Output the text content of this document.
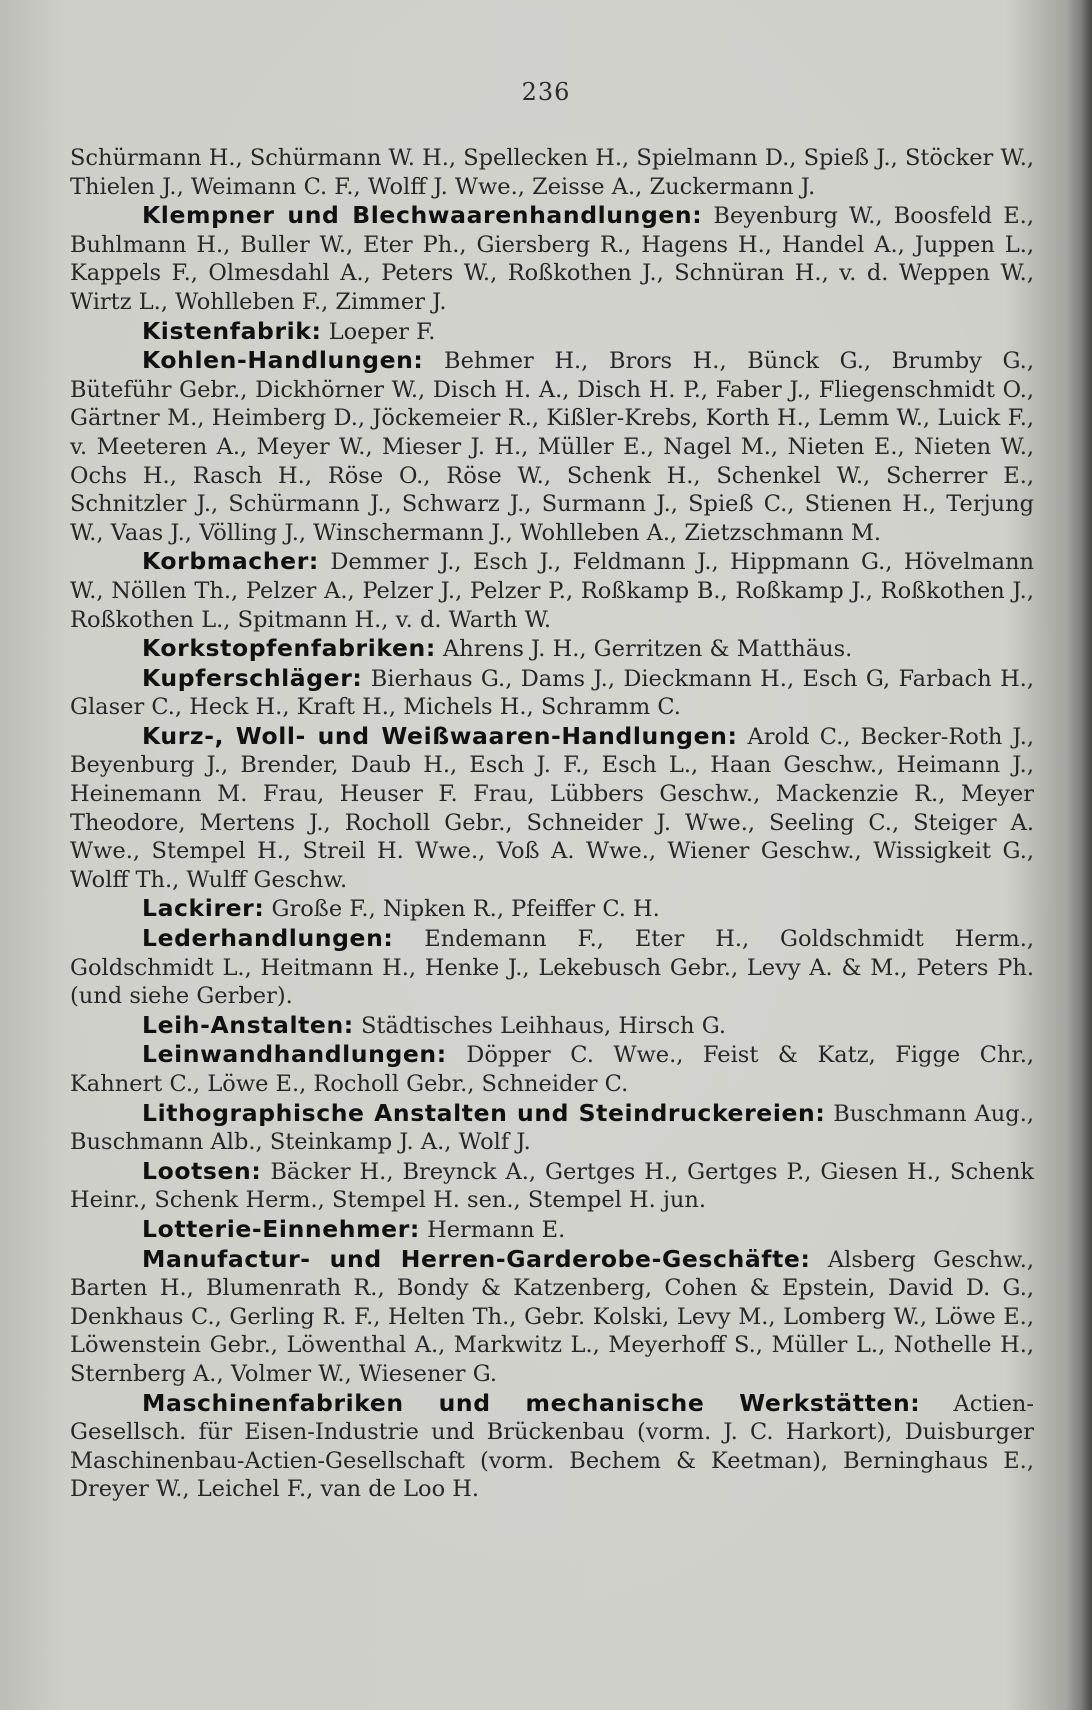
236

Schürmann H., Schürmann W. H., Spellecken H., Spielmann D., Spieß J., Stöcker W., Thielen J., Weimann C. F., Wolff J. Wwe., Zeisse A., Zuckermann J.

Klempner und Blechwaarenhandlungen: Beyenburg W., Boosfeld E., Buhlmann H., Buller W., Eter Ph., Giersberg R., Hagens H., Handel A., Juppen L., Kappels F., Olmesdahl A., Peters W., Roßkothen J., Schnüran H., v. d. Weppen W., Wirtz L., Wohlleben F., Zimmer J.

Kistenfabrik: Loeper F.

Kohlen-Handlungen: Behmer H., Brors H., Bünck G., Brumby G., Büteführ Gebr., Dickhörner W., Disch H. A., Disch H. P., Faber J., Fliegenschmidt O., Gärtner M., Heimberg D., Jöckemeier R., Kißler-Krebs, Korth H., Lemm W., Luick F., v. Meeteren A., Meyer W., Mieser J. H., Müller E., Nagel M., Nieten E., Nieten W., Ochs H., Rasch H., Röse O., Röse W., Schenk H., Schenkel W., Scherrer E., Schnitzler J., Schürmann J., Schwarz J., Surmann J., Spieß C., Stienen H., Terjung W., Vaas J., Völling J., Winschermann J., Wohlleben A., Zietzschmann M.

Korbmacher: Demmer J., Esch J., Feldmann J., Hippmann G., Hövelmann W., Nöllen Th., Pelzer A., Pelzer J., Pelzer P., Roßkamp B., Roßkamp J., Roßkothen J., Roßkothen L., Spitmann H., v. d. Warth W.

Korkstopfenfabriken: Ahrens J. H., Gerritzen & Matthäus.

Kupferschläger: Bierhaus G., Dams J., Dieckmann H., Esch G, Farbach H., Glaser C., Heck H., Kraft H., Michels H., Schramm C.

Kurz-, Woll- und Weißwaaren-Handlungen: Arold C., Becker-Roth J., Beyenburg J., Brender, Daub H., Esch J. F., Esch L., Haan Geschw., Heimann J., Heinemann M. Frau, Heuser F. Frau, Lübbers Geschw., Mackenzie R., Meyer Theodore, Mertens J., Rocholl Gebr., Schneider J. Wwe., Seeling C., Steiger A. Wwe., Stempel H., Streil H. Wwe., Voß A. Wwe., Wiener Geschw., Wissigkeit G., Wolff Th., Wulff Geschw.

Lackirer: Große F., Nipken R., Pfeiffer C. H.

Lederhandlungen: Endemann F., Eter H., Goldschmidt Herm., Goldschmidt L., Heitmann H., Henke J., Lekebusch Gebr., Levy A. & M., Peters Ph. (und siehe Gerber).

Leih-Anstalten: Städtisches Leihhaus, Hirsch G.

Leinwandhandlungen: Döpper C. Wwe., Feist & Katz, Figge Chr., Kahnert C., Löwe E., Rocholl Gebr., Schneider C.

Lithographische Anstalten und Steindruckereien: Buschmann Aug., Buschmann Alb., Steinkamp J. A., Wolf J.

Lootsen: Bäcker H., Breynck A., Gertges H., Gertges P., Giesen H., Schenk Heinr., Schenk Herm., Stempel H. sen., Stempel H. jun.

Lotterie-Einnehmer: Hermann E.

Manufactur- und Herren-Garderobe-Geschäfte: Alsberg Geschw., Barten H., Blumenrath R., Bondy & Katzenberg, Cohen & Epstein, David D. G., Denkhaus C., Gerling R. F., Helten Th., Gebr. Kolski, Levy M., Lomberg W., Löwe E., Löwenstein Gebr., Löwenthal A., Markwitz L., Meyerhoff S., Müller L., Nothelle H., Sternberg A., Volmer W., Wiesener G.

Maschinenfabriken und mechanische Werkstätten: Actien-Gesellsch. für Eisen-Industrie und Brückenbau (vorm. J. C. Harkort), Duisburger Maschinenbau-Actien-Gesellschaft (vorm. Bechem & Keetman), Berninghaus E., Dreyer W., Leichel F., van de Loo H.
